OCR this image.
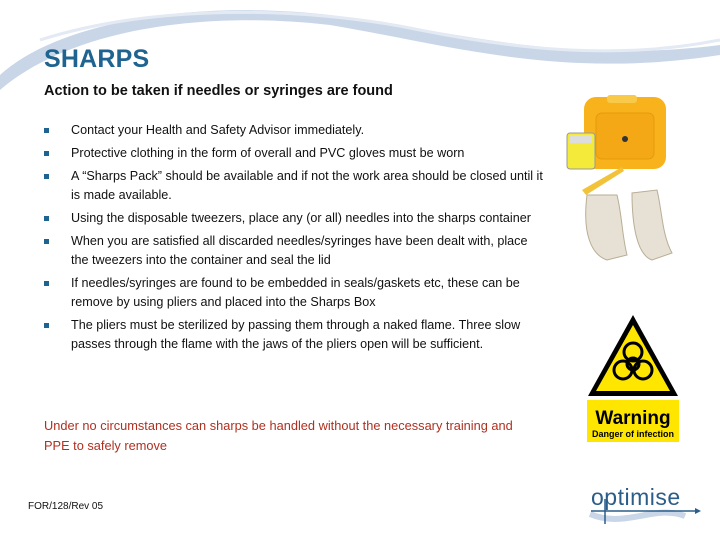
SHARPS
Action to be taken if needles or syringes are found
Contact your Health and Safety Advisor immediately.
Protective clothing in the form of overall and PVC gloves must be worn
A “Sharps Pack” should be available and if not the work area should be closed until it is made available.
Using the disposable tweezers, place any (or all) needles into the sharps container
When you are satisfied all discarded needles/syringes have been dealt with, place the tweezers into the container and seal the lid
If needles/syringes are found to be embedded in seals/gaskets etc, these can be remove by using pliers and placed into the Sharps Box
The pliers must be sterilized by passing them through a naked flame. Three slow passes through the flame with the jaws of the pliers open will be sufficient.
Under no circumstances can sharps be handled without the necessary training and PPE to safely remove
FOR/128/Rev 05
Warning
Danger of infection
optimise
